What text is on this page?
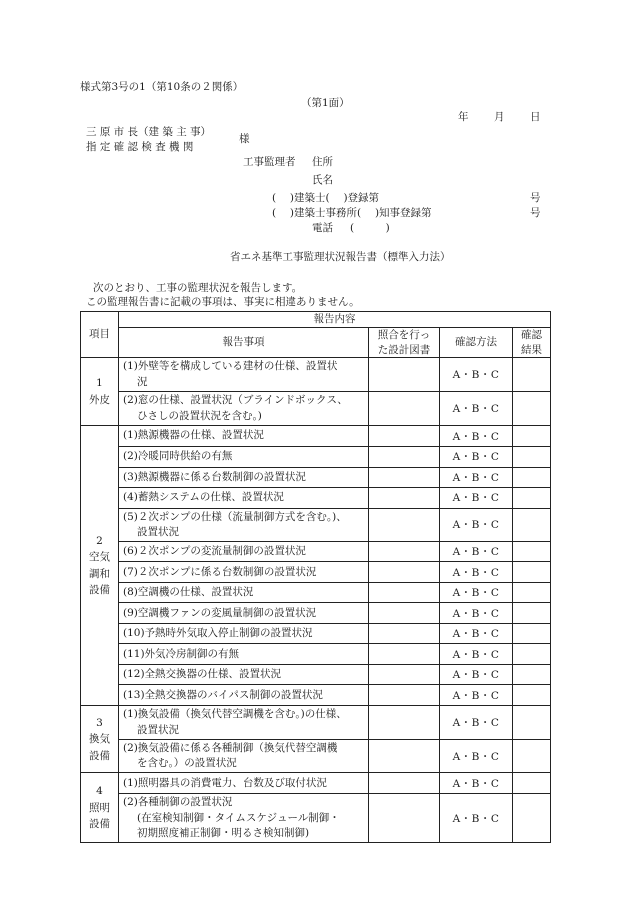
様式第3号の1（第10条の２関係）
（第1面）
年 月 日
三 原 市 長（建 築 主 事）
指 定 確 認 検 査 機 関
様
工事監理者 住所
氏名
(　 )建築士(　 )登録第	号
(　 )建築士事務所(　 )知事登録第	号
電話 (　　　)
省エネ基準工事監理状況報告書（標準入力法）
次のとおり、工事の監理状況を報告します。
この監理報告書に記載の事項は、事実に相違ありません。
項目	報告内容			
	報告事項	照合を行っ
た設計図書	確認方法	確認
結果
1
外皮	(1)外壁等を構成している建材の仕様、設置状

況		A・B・C	
	(2)窓の仕様、設置状況（ブラインドボックス、

ひさしの設置状況を含む。)		A・B・C	
2
空気
調和
設備	(1)熱源機器の仕様、設置状況		A・B・C	
	(2)冷暖同時供給の有無		A・B・C	
	(3)熱源機器に係る台数制御の設置状況		A・B・C	
	(4)蓄熱システムの仕様、設置状況		A・B・C	
	(5)２次ポンプの仕様（流量制御方式を含む。)、

設置状況		A・B・C	
	(6)２次ポンプの変流量制御の設置状況		A・B・C	
	(7)２次ポンプに係る台数制御の設置状況		A・B・C	
	(8)空調機の仕様、設置状況		A・B・C	
	(9)空調機ファンの変風量制御の設置状況		A・B・C	
	(10)予熱時外気取入停止制御の設置状況		A・B・C	
	(11)外気冷房制御の有無		A・B・C	
	(12)全熱交換器の仕様、設置状況		A・B・C	
	(13)全熱交換器のバイパス制御の設置状況		A・B・C	
3
換気
設備	(1)換気設備（換気代替空調機を含む。)の仕様、

設置状況		A・B・C	
	(2)換気設備に係る各種制御（換気代替空調機

を含む。）の設置状況		A・B・C	
4
照明
設備	(1)照明器具の消費電力、台数及び取付状況		A・B・C	
	(2)各種制御の設置状況

(在室検知制御・タイムスケジュール制御・
初期照度補正制御・明るさ検知制御)		A・B・C	
